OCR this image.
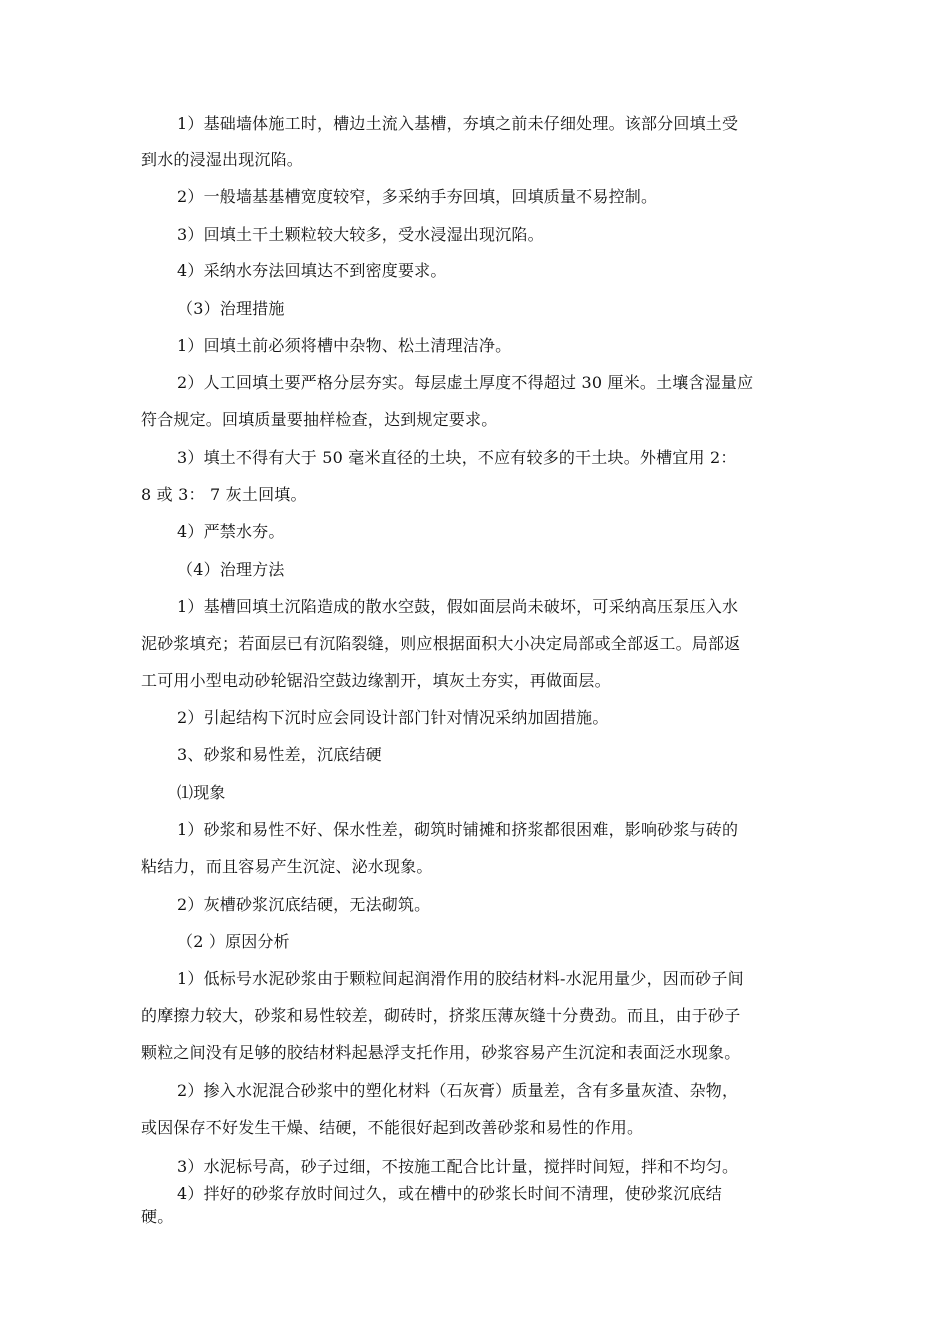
1）基础墙体施工时，槽边土流入基槽，夯填之前未仔细处理。该部分回填土受
到水的浸湿出现沉陷。
2）一般墙基基槽宽度较窄，多采纳手夯回填，回填质量不易控制。
3）回填土干土颗粒较大较多，受水浸湿出现沉陷。
4）采纳水夯法回填达不到密度要求。
（3）治理措施
1）回填土前必须将槽中杂物、松土清理洁净。
2）人工回填土要严格分层夯实。每层虚土厚度不得超过 30 厘米。土壤含湿量应
符合规定。回填质量要抽样检查，达到规定要求。
3）填土不得有大于 50 毫米直径的土块，不应有较多的干土块。外槽宜用 2：
8 或 3： 7 灰土回填。
4）严禁水夯。
（4）治理方法
1）基槽回填土沉陷造成的散水空鼓，假如面层尚未破坏，可采纳高压泵压入水
泥砂浆填充；若面层已有沉陷裂缝，则应根据面积大小决定局部或全部返工。局部返
工可用小型电动砂轮锯沿空鼓边缘割开，填灰土夯实，再做面层。
2）引起结构下沉时应会同设计部门针对情况采纳加固措施。
3、砂浆和易性差，沉底结硬
⑴现象
1）砂浆和易性不好、保水性差，砌筑时铺摊和挤浆都很困难，影响砂浆与砖的
粘结力，而且容易产生沉淀、泌水现象。
2）灰槽砂浆沉底结硬，无法砌筑。
（2 ）原因分析
1）低标号水泥砂浆由于颗粒间起润滑作用的胶结材料-水泥用量少，因而砂子间
的摩擦力较大，砂浆和易性较差，砌砖时，挤浆压薄灰缝十分费劲。而且，由于砂子
颗粒之间没有足够的胶结材料起悬浮支托作用，砂浆容易产生沉淀和表面泛水现象。
2）掺入水泥混合砂浆中的塑化材料（石灰膏）质量差，含有多量灰渣、杂物，
或因保存不好发生干燥、结硬，不能很好起到改善砂浆和易性的作用。
3）水泥标号高，砂子过细，不按施工配合比计量，搅拌时间短，拌和不均匀。
4）拌好的砂浆存放时间过久，或在槽中的砂浆长时间不清理，使砂浆沉底结
硬。
